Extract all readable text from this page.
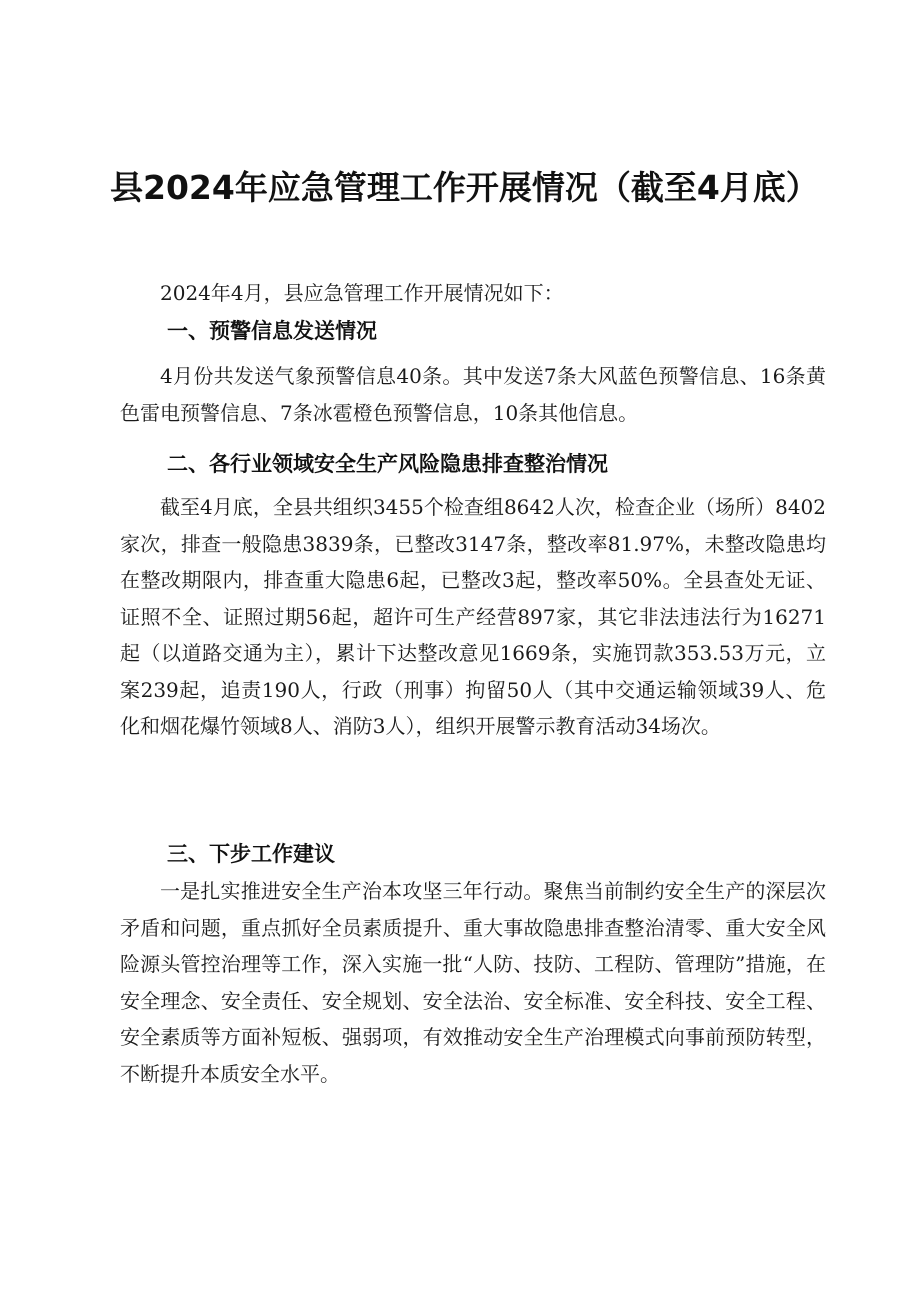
县2024年应急管理工作开展情况（截至4月底）

2024年4月，县应急管理工作开展情况如下：

一、预警信息发送情况

4月份共发送气象预警信息40条。其中发送7条大风蓝色预警信息、16条黄色雷电预警信息、7条冰雹橙色预警信息，10条其他信息。

二、各行业领域安全生产风险隐患排查整治情况

截至4月底，全县共组织3455个检查组8642人次，检查企业（场所）8402家次，排查一般隐患3839条，已整改3147条，整改率81.97%，未整改隐患均在整改期限内，排查重大隐患6起，已整改3起，整改率50%。全县查处无证、证照不全、证照过期56起，超许可生产经营897家，其它非法违法行为16271起（以道路交通为主），累计下达整改意见1669条，实施罚款353.53万元，立案239起，追责190人，行政（刑事）拘留50人（其中交通运输领域39人、危化和烟花爆竹领域8人、消防3人），组织开展警示教育活动34场次。

三、下步工作建议

一是扎实推进安全生产治本攻坚三年行动。聚焦当前制约安全生产的深层次矛盾和问题，重点抓好全员素质提升、重大事故隐患排查整治清零、重大安全风险源头管控治理等工作，深入实施一批“人防、技防、工程防、管理防”措施，在安全理念、安全责任、安全规划、安全法治、安全标准、安全科技、安全工程、安全素质等方面补短板、强弱项，有效推动安全生产治理模式向事前预防转型，不断提升本质安全水平。
